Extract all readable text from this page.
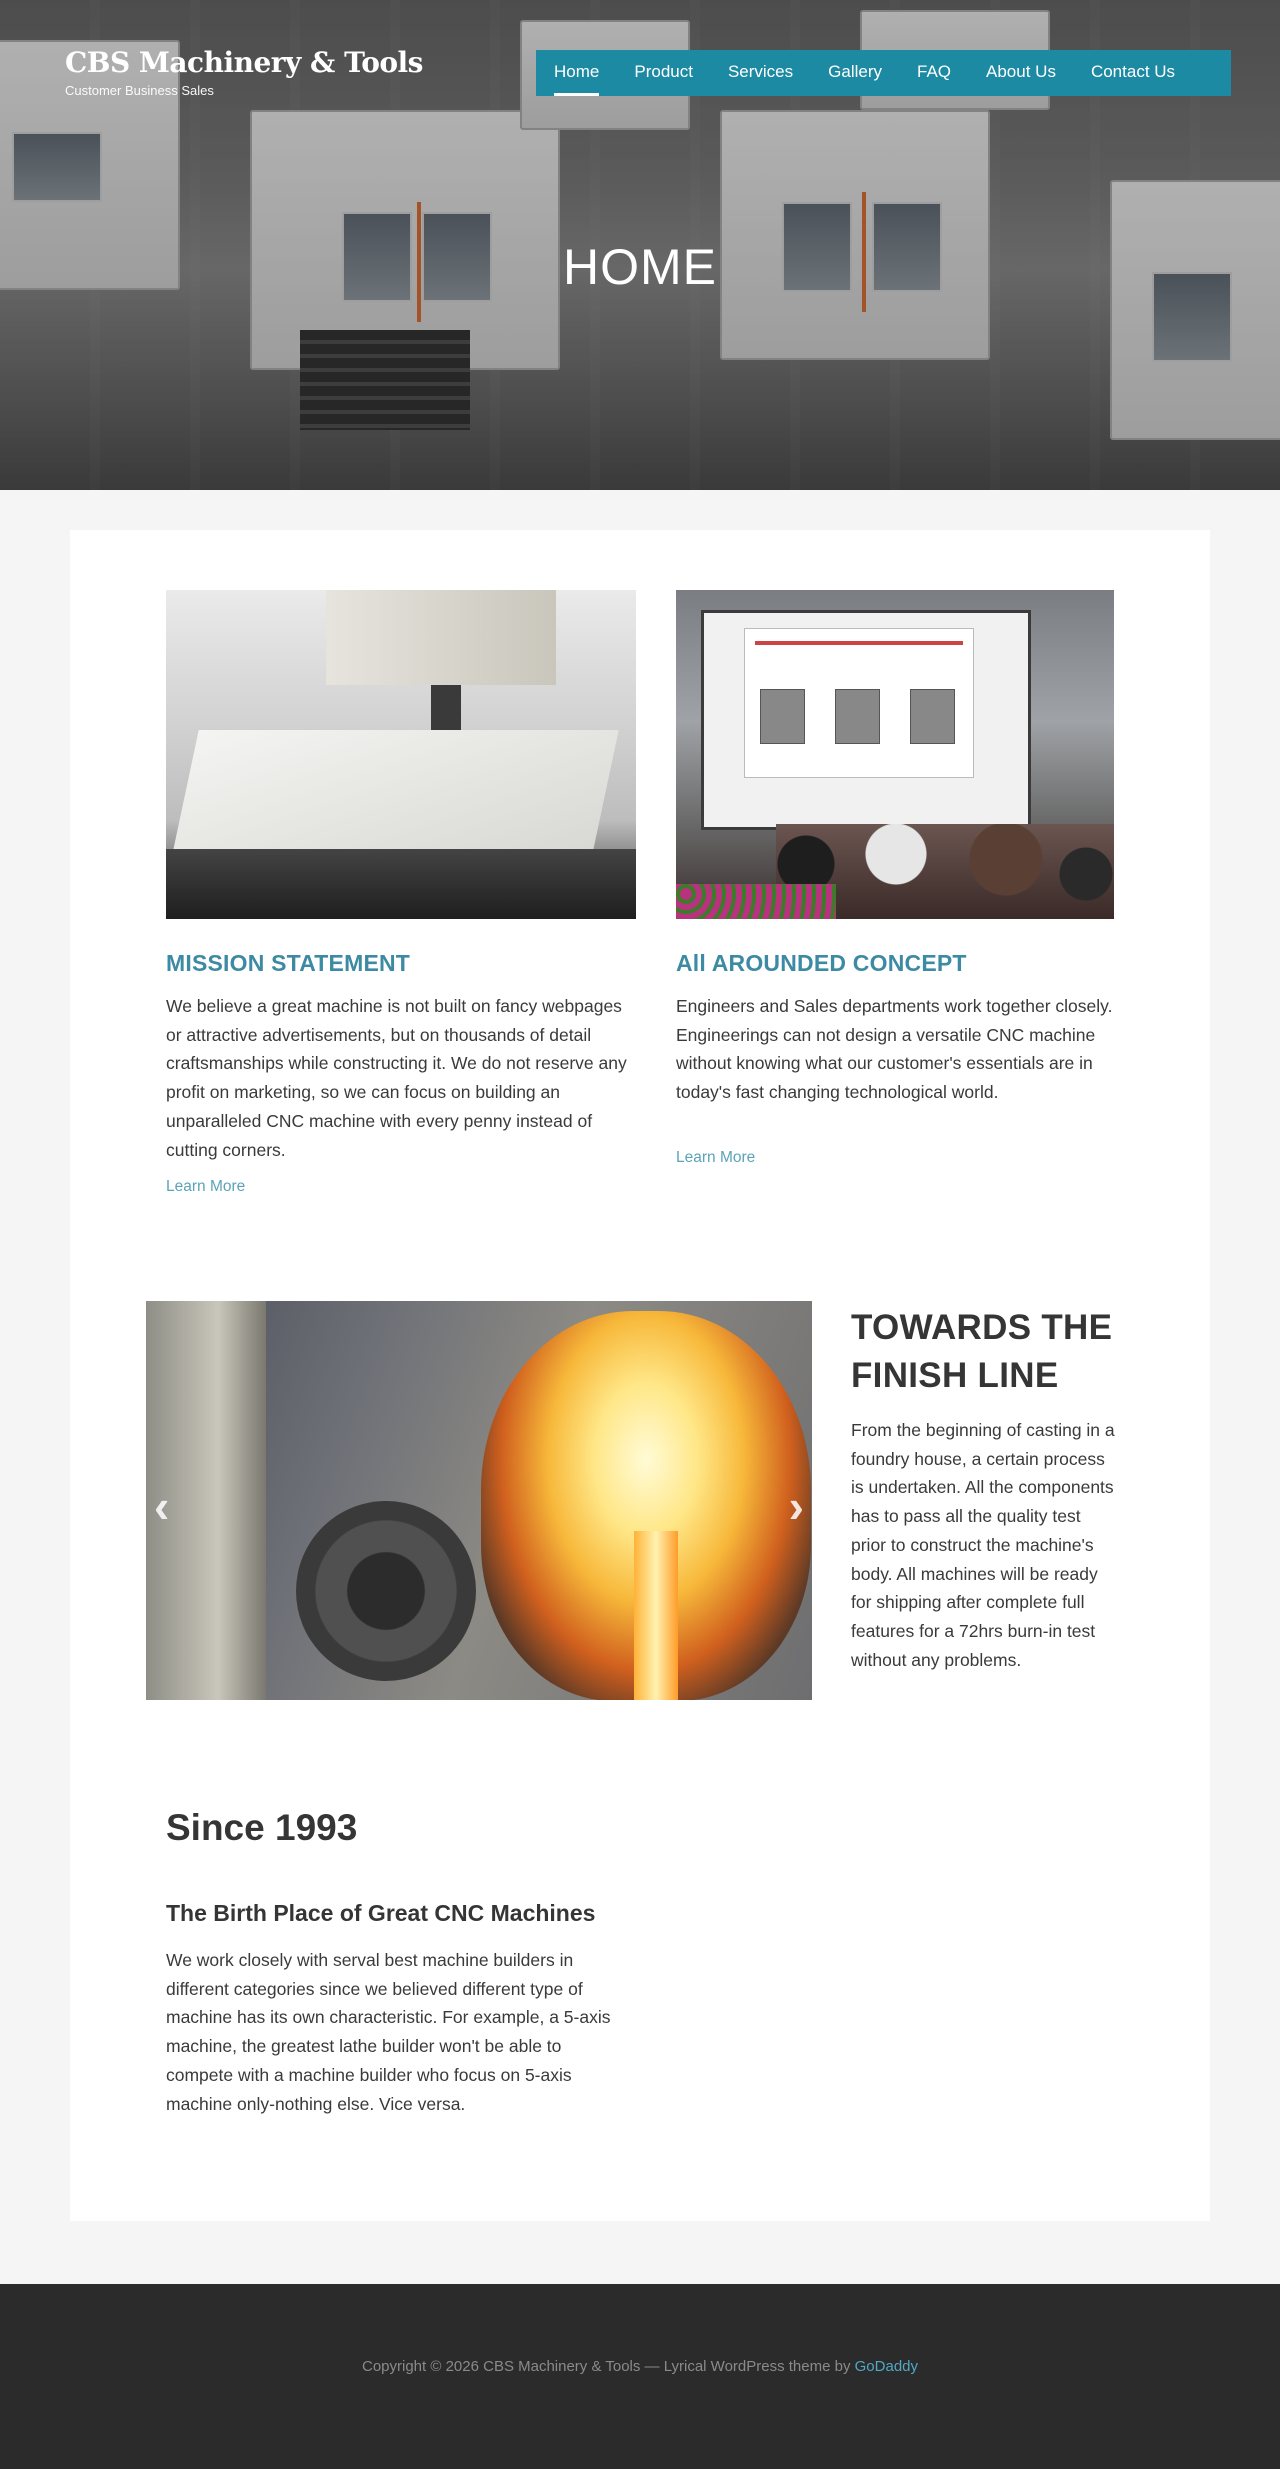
CBS Machinery & Tools
Customer Business Sales
Home Product Services Gallery FAQ About Us Contact Us
HOME
MISSION STATEMENT

We believe a great machine is not built on fancy webpages or attractive advertisements, but on thousands of detail craftsmanships while constructing it. We do not reserve any profit on marketing, so we can focus on building an unparalleled CNC machine with every penny instead of cutting corners.

Learn More
All AROUNDED CONCEPT

Engineers and Sales departments work together closely. Engineerings can not design a versatile CNC machine without knowing what our customer's essentials are in today's fast changing technological world.

Learn More
‹	›
TOWARDS THE
FINISH LINE

From the beginning of casting in a foundry house, a certain process is undertaken. All the components has to pass all the quality test prior to construct the machine's body. All machines will be ready for shipping after complete full features for a 72hrs burn-in test without any problems.

Since 1993
The Birth Place of Great CNC Machines

We work closely with serval best machine builders in different categories since we believed different type of machine has its own characteristic. For example, a 5-axis machine, the greatest lathe builder won't be able to compete with a machine builder who focus on 5-axis machine only-nothing else. Vice versa.

Copyright © 2026 CBS Machinery & Tools — Lyrical WordPress theme by GoDaddy
